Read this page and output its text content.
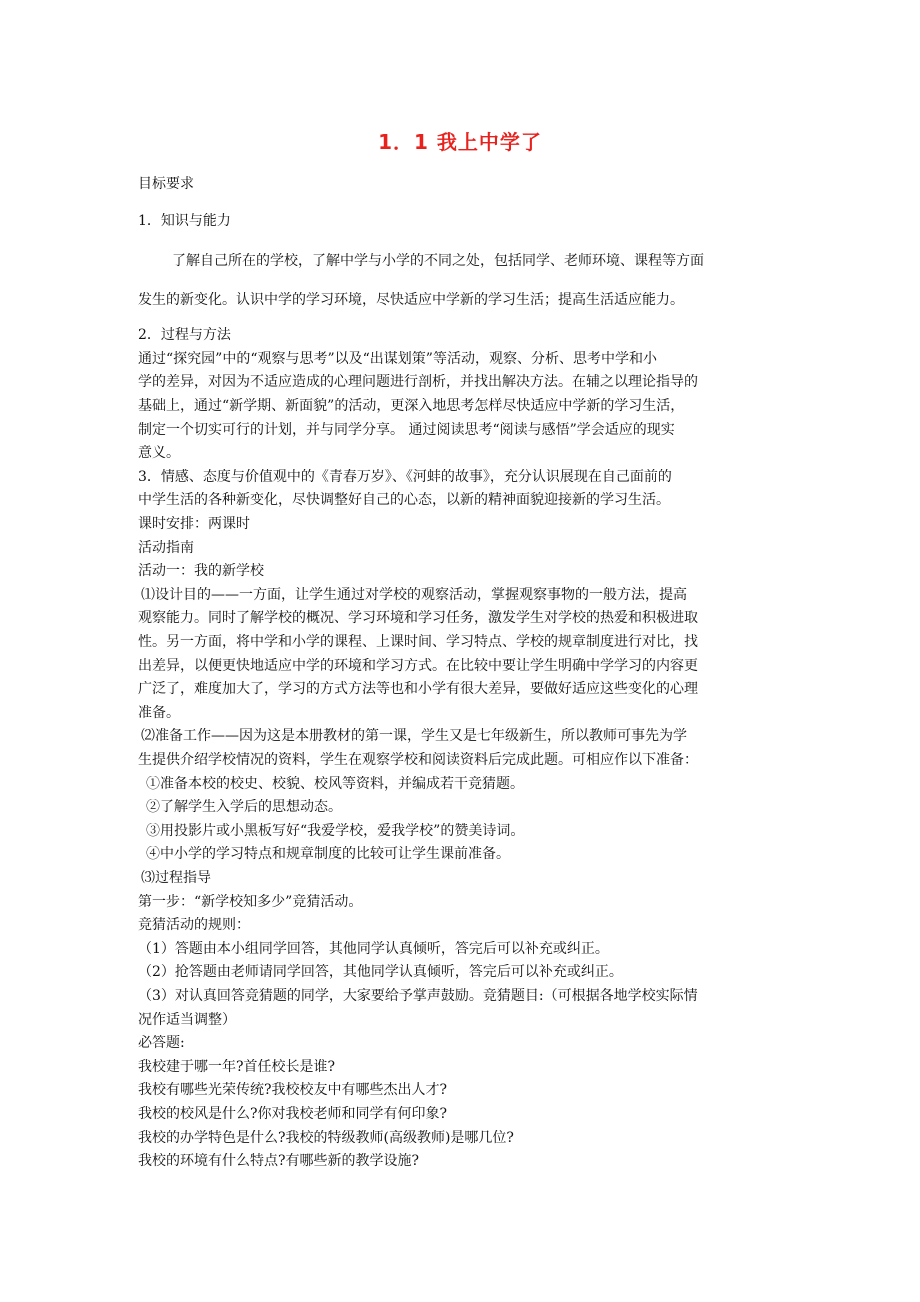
1．1 我上中学了
目标要求
1．知识与能力
了解自己所在的学校，了解中学与小学的不同之处，包括同学、老师环境、课程等方面
发生的新变化。认识中学的学习环境，尽快适应中学新的学习生活；提高生活适应能力。
2．过程与方法
通过“探究园”中的“观察与思考”以及“出谋划策”等活动，观察、分析、思考中学和小
学的差异，对因为不适应造成的心理问题进行剖析，并找出解决方法。在辅之以理论指导的
基础上，通过“新学期、新面貌”的活动，更深入地思考怎样尽快适应中学新的学习生活，
制定一个切实可行的计划，并与同学分享。 通过阅读思考“阅读与感悟”学会适应的现实
意义。
3．情感、态度与价值观中的《青春万岁》、《河蚌的故事》，充分认识展现在自己面前的
中学生活的各种新变化，尽快调整好自己的心态，以新的精神面貌迎接新的学习生活。
课时安排：两课时
活动指南
活动一：我的新学校
⑴设计目的——一方面，让学生通过对学校的观察活动，掌握观察事物的一般方法，提高
观察能力。同时了解学校的概况、学习环境和学习任务，激发学生对学校的热爱和积极进取
性。另一方面，将中学和小学的课程、上课时间、学习特点、学校的规章制度进行对比，找
出差异，以便更快地适应中学的环境和学习方式。在比较中要让学生明确中学学习的内容更
广泛了，难度加大了，学习的方式方法等也和小学有很大差异，要做好适应这些变化的心理
准备。
⑵准备工作——因为这是本册教材的第一课，学生又是七年级新生，所以教师可事先为学
生提供介绍学校情况的资料，学生在观察学校和阅读资料后完成此题。可相应作以下准备：
①准备本校的校史、校貌、校风等资料，并编成若干竞猜题。
②了解学生入学后的思想动态。
③用投影片或小黑板写好“我爱学校，爱我学校”的赞美诗词。
④中小学的学习特点和规章制度的比较可让学生课前准备。
⑶过程指导
第一步：“新学校知多少”竞猜活动。
竞猜活动的规则：
（1）答题由本小组同学回答，其他同学认真倾听，答完后可以补充或纠正。
（2）抢答题由老师请同学回答，其他同学认真倾听，答完后可以补充或纠正。
（3）对认真回答竞猜题的同学，大家要给予掌声鼓励。竞猜题目:（可根据各地学校实际情
况作适当调整）
必答题:
我校建于哪一年?首任校长是谁?
我校有哪些光荣传统?我校校友中有哪些杰出人才?
我校的校风是什么?你对我校老师和同学有何印象?
我校的办学特色是什么?我校的特级教师(高级教师)是哪几位?
我校的环境有什么特点?有哪些新的教学设施?
